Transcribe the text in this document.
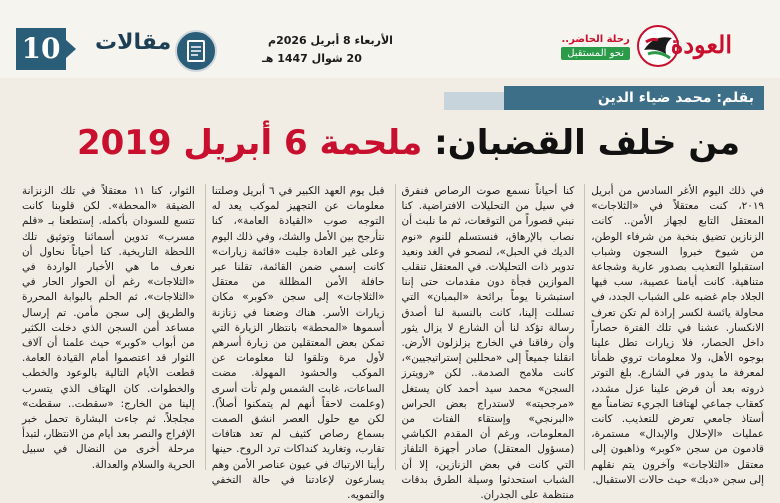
العودة
رحلة الحاضر..
نحو المستقبل
الأربعاء 8 أبريل 2026م
20 شوال 1447 هـ
مقالات
10
بقلم: محمد ضياء الدين
من خلف القضبان: ملحمة 6 أبريل 2019
في ذلك اليوم الأغر السادس من أبريل ٢٠١٩، كنت معتقلاً في «الثلاجات» المعتقل التابع لجهاز الأمن.. كانت الزنازين تضيق بنخبة من شرفاء الوطن، من شيوخ خبروا السجون وشباب استقبلوا التعذيب بصدور عارية وشجاعة متناهية. كانت أيامنا عصيبة، سب فيها الجلاد جام غضبه على الشباب الجدد، في محاولة يائسة لكسر إرادة لم تكن تعرف الانكسار. عشنا في تلك الفترة حصاراً داخل الحصار، فلا زيارات تطل علينا بوجوه الأهل، ولا معلومات تروي ظمأنا لمعرفة ما يدور في الشارع. بلغ التوتر ذروته بعد أن فرض علينا عزل مشدد، كعقاب جماعي لهتافنا الجريء تضامناً مع أستاذ جامعي تعرض للتعذيب. كانت عمليات «الإحلال والإبدال» مستمرة، قادمون من سجن «كوبر» وذاهبون إلى معتقل «الثلاجات» وآخرون يتم نقلهم إلى سجن «دبك» حيث حالات الاستقبال.
كنا أحياناً نسمع صوت الرصاص فنفرق في سيل من التحليلات الافتراضية. كنا نبني قصوراً من التوقعات، ثم ما نلبث أن نصاب بالإرهاق، فنستسلم للنوم «نوم الديك في الحبل»، لنصحو في الغد ونعيد تدوير ذات التحليلات. في المعتقل تنقلب الموازين فجأة دون مقدمات حتى إننا استبشرنا يوماً برائحة «البمبان» التي تسللت إلينا، كانت بالنسبة لنا أصدق رسالة تؤكد لنا أن الشارع لا يزال يثور وأن رفاقنا في الخارج يزلزلون الأرض. انقلنا جميعاً إلى «محللين إستراتيجيين»، كانت ملامح الصدمة.. لكن «رويترز السجن» محمد سيد أحمد كان يستغل «مرجحيته» لاستدراج بعض الحراس «البرنجي» وإستقاء الفتات من المعلومات، ورغم أن المقدم الكباشي (مسؤول المعتقل) صادر أجهزة التلفاز التي كانت في بعض الزنازين، إلا أن الشباب استحدثوا وسيلة الطرق بدقات منتظمة على الجدران.
قبل يوم العهد الكبير في ٦ أبريل وصلتنا معلومات عن التجهيز لموكب يعد له التوجه صوب «القيادة العامة»، كنا نتأرجح بين الأمل والشك، وفي ذلك اليوم وعلى غير العادة جلبت «قائمة زيارات» كانت إسمي ضمن القائمة، تقلنا عبر حافلة الأمن المظللة من معتقل «الثلاجات» إلى سجن «كوبر» مكان زيارات الأسر. هناك وضعنا في زنازنة أسموها «المحطة» بانتظار الزيارة التي تمكن بعض المعتقلين من زيارة أسرهم لأول مرة وتلقوا لنا معلومات عن الموكب والحشود المهولة. مضت الساعات، غابت الشمس ولم تأت أسرى (وعلمت لاحقاً أنهم لم يتمكنوا أصلاً). لكن مع حلول العصر انشق الصمت بسماع رصاص كثيف لم تعد هتافات تقارب، وتغاريد كنداكات ترد الروح. حينها رأينا الارتباك في عيون عناصر الأمن وهم يسارعون لإعادتنا في حالة التخفي والتمويه.
الثوار، كنا ١١ معتقلاً في تلك الزنزانة الضيقة «المحطة». لكن قلوبنا كانت تتسع للسودان بأكمله. إستطعنا بـ «قلم مسرب» تدوين أسمائنا وتوثيق تلك اللحظة التاريخية. كنا أحياناً نحاول أن نعرف ما هي الأخبار الواردة في «الثلاجات» رغم أن الحوار الحار في «الثلاجات»، ثم الحلم بالبوابة المحررة والطريق إلى سجن مأمن. تم إرسال مساعد أمن السجن الذي دخلت الكثير من أبواب «كوبر» حيث علمنا أن آلاف الثوار قد اعتصموا أمام القيادة العامة. قطعت الأيام التالية بالوعود والخطب والخطوات. كان الهتاف الذي يتسرب إلينا من الخارج: «سقطت.. سقطت» مجلجلاً. ثم جاءت البشارة تحمل خبر الإفراج والنصر بعد أيام من الانتظار، لتبدأ مرحلة أخرى من النضال في سبيل الحرية والسلام والعدالة.
